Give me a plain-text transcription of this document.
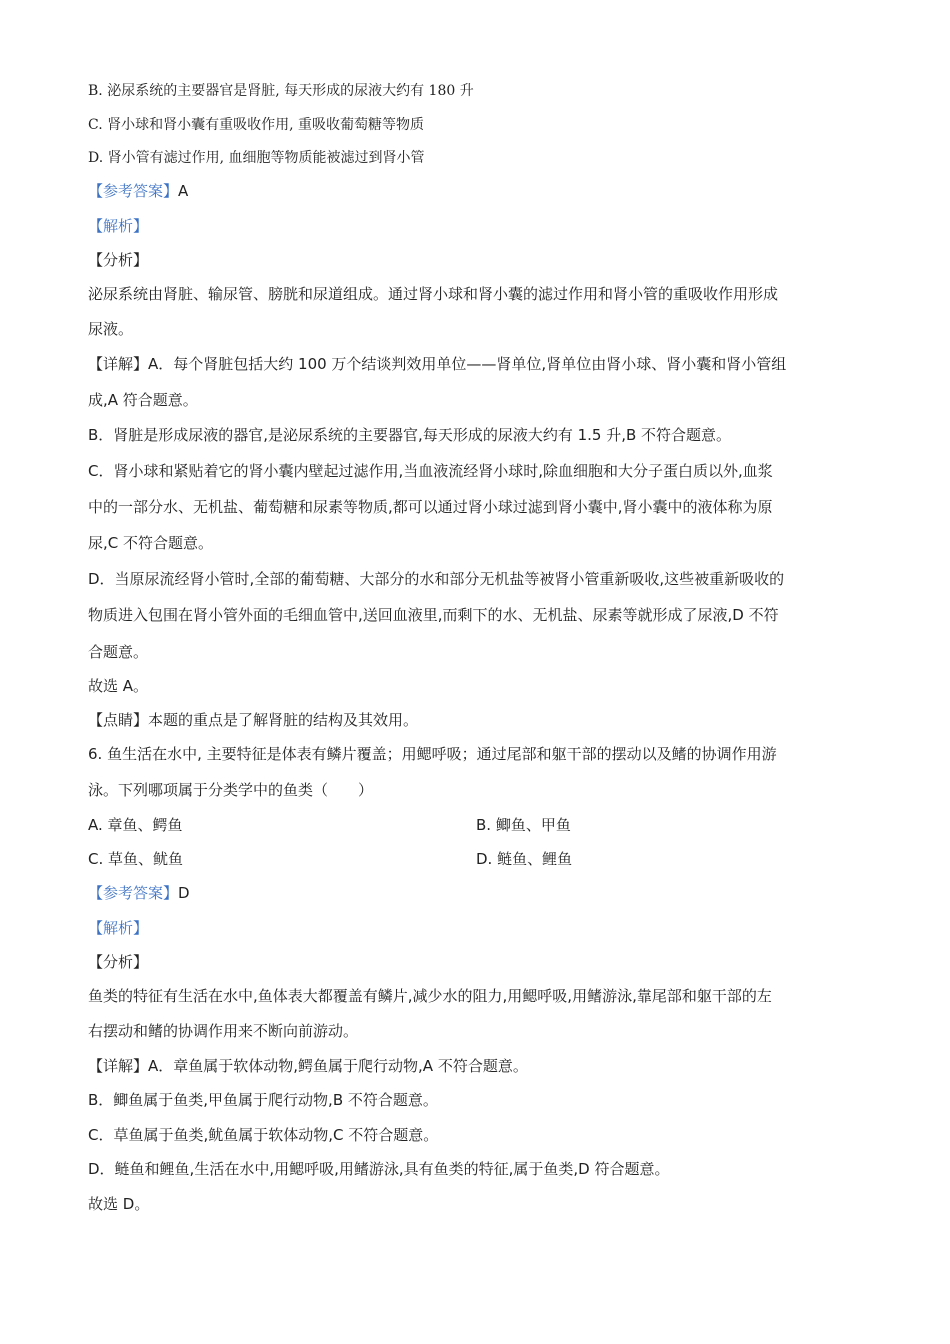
B. 泌尿系统的主要器官是肾脏, 每天形成的尿液大约有 180 升
C. 肾小球和肾小囊有重吸收作用, 重吸收葡萄糖等物质
D. 肾小管有滤过作用, 血细胞等物质能被滤过到肾小管
【参考答案】A
【解析】
【分析】
泌尿系统由肾脏、输尿管、膀胱和尿道组成。通过肾小球和肾小囊的滤过作用和肾小管的重吸收作用形成
尿液。
【详解】A．每个肾脏包括大约 100 万个结谈判效用单位——肾单位,肾单位由肾小球、肾小囊和肾小管组
成,A 符合题意。
B．肾脏是形成尿液的器官,是泌尿系统的主要器官,每天形成的尿液大约有 1.5 升,B 不符合题意。
C．肾小球和紧贴着它的肾小囊内壁起过滤作用,当血液流经肾小球时,除血细胞和大分子蛋白质以外,血浆
中的一部分水、无机盐、葡萄糖和尿素等物质,都可以通过肾小球过滤到肾小囊中,肾小囊中的液体称为原
尿,C 不符合题意。
D．当原尿流经肾小管时,全部的葡萄糖、大部分的水和部分无机盐等被肾小管重新吸收,这些被重新吸收的
物质进入包围在肾小管外面的毛细血管中,送回血液里,而剩下的水、无机盐、尿素等就形成了尿液,D 不符
合题意。
故选 A。
【点睛】本题的重点是了解肾脏的结构及其效用。
6. 鱼生活在水中, 主要特征是体表有鳞片覆盖；用鳃呼吸；通过尾部和躯干部的摆动以及鳍的协调作用游
泳。下列哪项属于分类学中的鱼类（　　）
A. 章鱼、鳄鱼	B. 鲫鱼、甲鱼
C. 草鱼、鱿鱼	D. 鲢鱼、鲤鱼
【参考答案】D
【解析】
【分析】
鱼类的特征有生活在水中,鱼体表大都覆盖有鳞片,减少水的阻力,用鳃呼吸,用鳍游泳,靠尾部和躯干部的左
右摆动和鳍的协调作用来不断向前游动。
【详解】A．章鱼属于软体动物,鳄鱼属于爬行动物,A 不符合题意。
B．鲫鱼属于鱼类,甲鱼属于爬行动物,B 不符合题意。
C．草鱼属于鱼类,鱿鱼属于软体动物,C 不符合题意。
D．鲢鱼和鲤鱼,生活在水中,用鳃呼吸,用鳍游泳,具有鱼类的特征,属于鱼类,D 符合题意。
故选 D。
